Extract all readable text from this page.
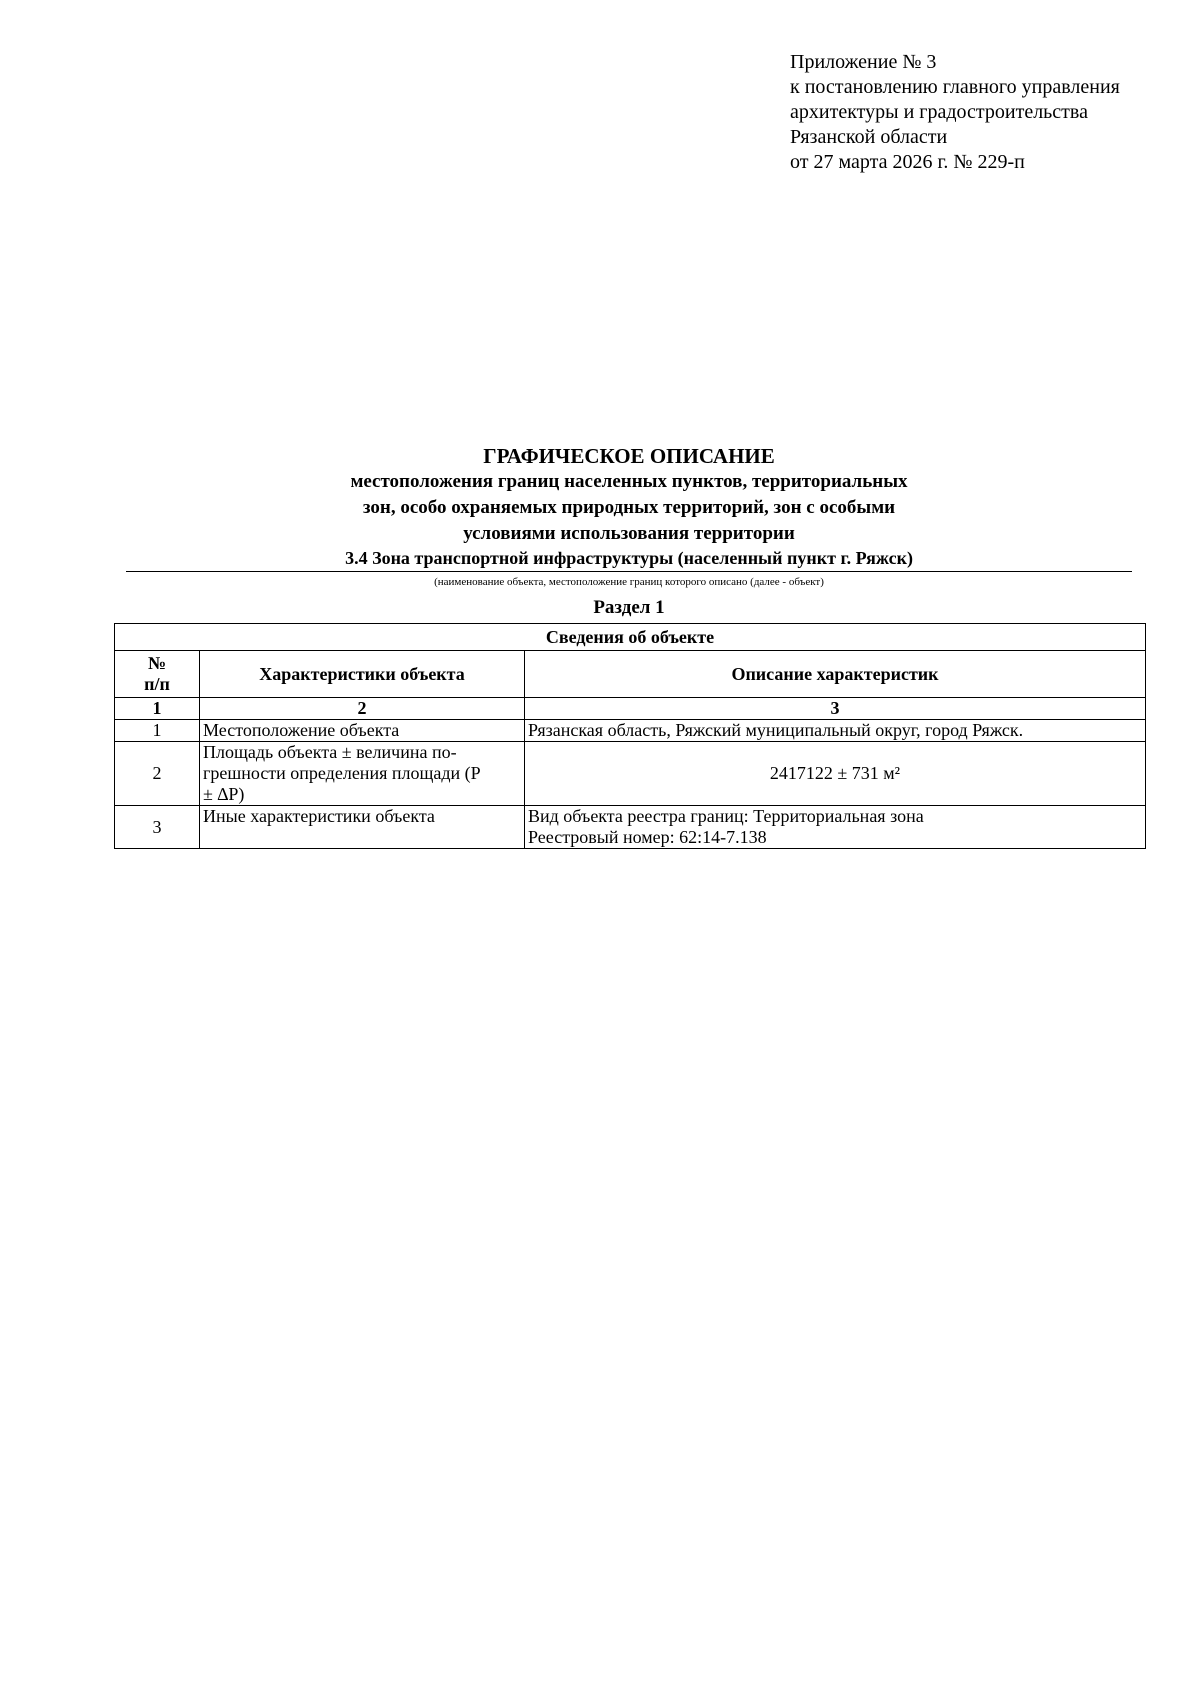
Приложение № 3
к постановлению главного управления
архитектуры и градостроительства
Рязанской области
от 27 марта 2026 г. № 229-п
ГРАФИЧЕСКОЕ ОПИСАНИЕ
местоположения границ населенных пунктов, территориальных
зон, особо охраняемых природных территорий, зон с особыми
условиями использования территории
3.4 Зона транспортной инфраструктуры (населенный пункт г. Ряжск)
(наименование объекта, местоположение границ которого описано (далее - объект)
Раздел 1
Сведения об объекте		

№
п/п	Характеристики объекта	Описание характеристик
1	2	3
1	Местоположение объекта	Рязанская область, Ряжский муниципальный округ, город Ряжск.
2	Площадь объекта ± величина по-
грешности определения площади (Р
± ∆Р)	2417122 ± 731 м²
3	Иные характеристики объекта	Вид объекта реестра границ: Территориальная зона
Реестровый номер: 62:14-7.138
